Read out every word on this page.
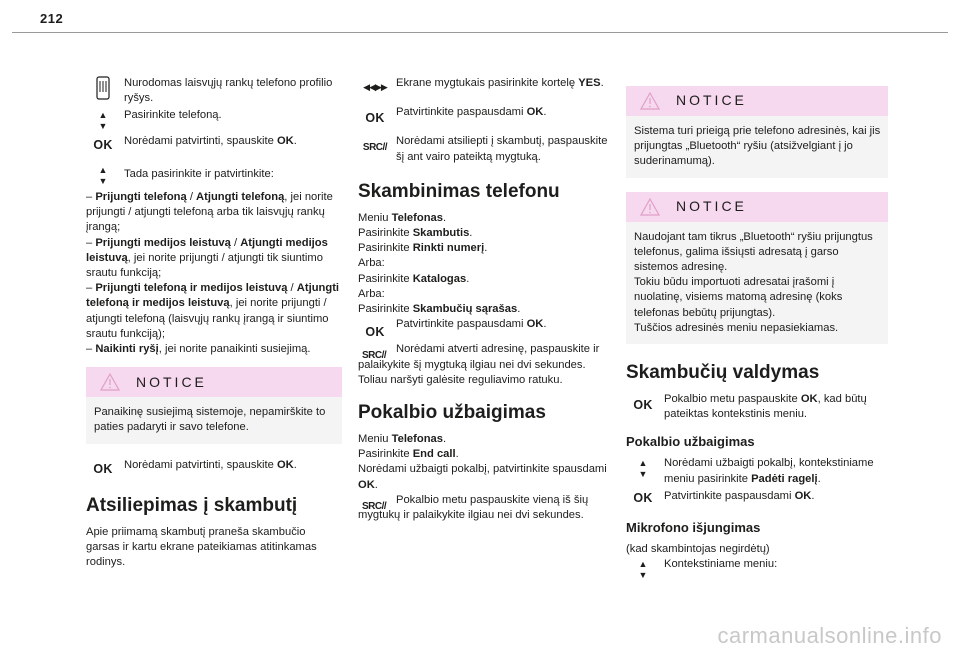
212

Nurodomas laisvųjų rankų telefono profilio ryšys.

▲
▼

Pasirinkite telefoną.

OK Norėdami patvirtinti, spauskite OK.

▲
▼

Tada pasirinkite ir patvirtinkite:

– Prijungti telefoną / Atjungti telefoną, jei norite prijungti / atjungti telefoną arba tik laisvųjų rankų įrangą;

– Prijungti medijos leistuvą / Atjungti medijos leistuvą, jei norite prijungti / atjungti tik siuntimo srautu funkciją;

– Prijungti telefoną ir medijos leistuvą / Atjungti telefoną ir medijos leistuvą, jei norite prijungti / atjungti telefoną (laisvųjų rankų įrangą ir siuntimo srautu funkciją);

– Naikinti ryšį, jei norite panaikinti susiejimą.

NOTICE

Panaikinę susiejimą sistemoje, nepamirškite to paties padaryti ir savo telefone.

OK Norėdami patvirtinti, spauskite OK.

Atsiliepimas į skambutį

Apie priimamą skambutį praneša skambučio garsas ir kartu ekrane pateikiamas atitinkamas rodinys.

◀◀▶▶ Ekrane mygtukais pasirinkite kortelę YES.

OK Patvirtinkite paspausdami OK.

SRC//

Norėdami atsiliepti į skambutį, paspauskite šį ant vairo pateiktą mygtuką.

Skambinimas telefonu

Meniu Telefonas.

Pasirinkite Skambutis.

Pasirinkite Rinkti numerį.

Arba:

Pasirinkite Katalogas.

Arba:

Pasirinkite Skambučių sąrašas.

OK

Patvirtinkite paspausdami OK.

SRC//

Norėdami atverti adresinę, paspauskite ir palaikykite šį mygtuką ilgiau nei dvi sekundes. Toliau naršyti galėsite reguliavimo ratuku.

Pokalbio užbaigimas

Meniu Telefonas.

Pasirinkite End call.

Norėdami užbaigti pokalbį, patvirtinkite spausdami OK.

SRC//

Pokalbio metu paspauskite vieną iš šių mygtukų ir palaikykite ilgiau nei dvi sekundes.

NOTICE

Sistema turi prieigą prie telefono adresinės, kai jis prijungtas „Bluetooth“ ryšiu (atsižvelgiant į jo suderinamumą).

NOTICE

Naudojant tam tikrus „Bluetooth“ ryšiu prijungtus telefonus, galima išsiųsti adresatą į garso sistemos adresinę.

Tokiu būdu importuoti adresatai įrašomi į nuolatinę, visiems matomą adresinę (koks telefonas bebūtų prijungtas).

Tuščios adresinės meniu nepasiekiamas.

Skambučių valdymas
OK Pokalbio metu paspauskite OK, kad būtų pateiktas kontekstinis meniu.

Pokalbio užbaigimas
▲
▼

Norėdami užbaigti pokalbį, kontekstiniame meniu pasirinkite Padėti ragelį.

OK Patvirtinkite paspausdami OK.

Mikrofono išjungimas

(kad skambintojas negirdėtų)

▲
▼

Kontekstiniame meniu:

carmanualsonline.info
